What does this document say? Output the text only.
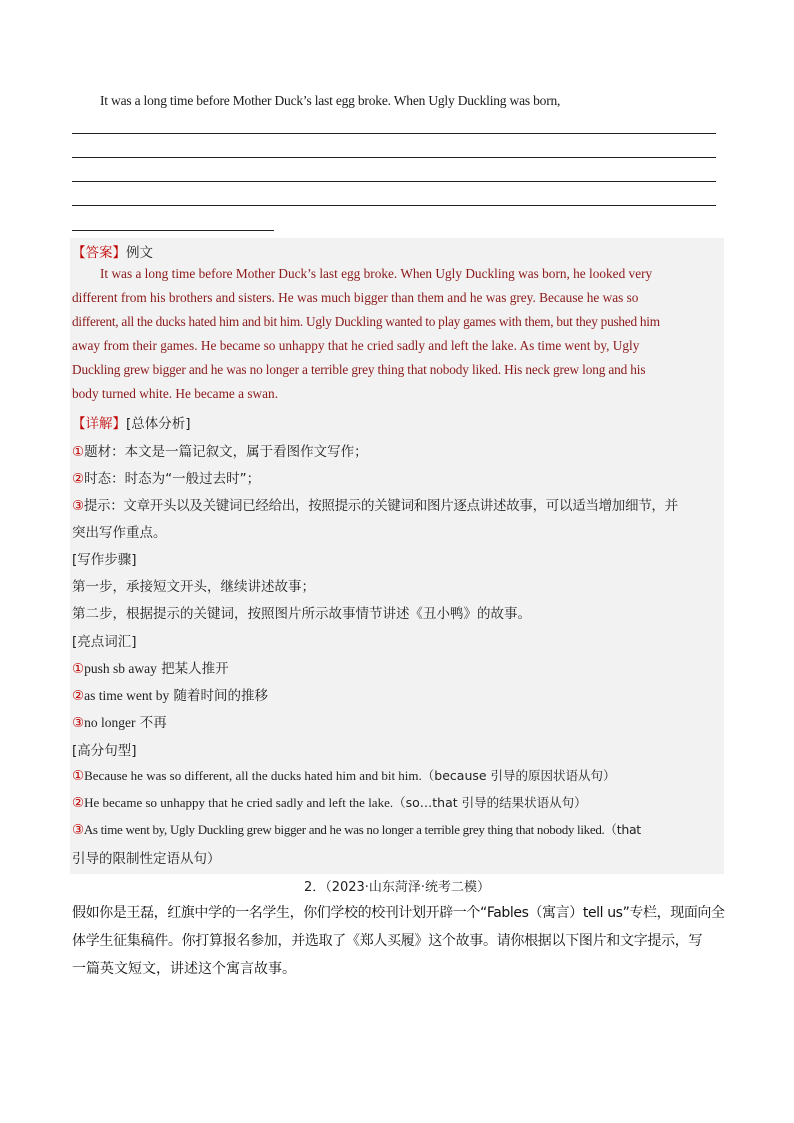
It was a long time before Mother Duck’s last egg broke. When Ugly Duckling was born,
【答案】例文
It was a long time before Mother Duck’s last egg broke. When Ugly Duckling was born, he looked very
different from his brothers and sisters. He was much bigger than them and he was grey. Because he was so
different, all the ducks hated him and bit him. Ugly Duckling wanted to play games with them, but they pushed him
away from their games. He became so unhappy that he cried sadly and left the lake. As time went by, Ugly
Duckling grew bigger and he was no longer a terrible grey thing that nobody liked. His neck grew long and his
body turned white. He became a swan.
【详解】[总体分析]
①题材：本文是一篇记叙文，属于看图作文写作；
②时态：时态为“一般过去时”；
③提示：文章开头以及关键词已经给出，按照提示的关键词和图片逐点讲述故事，可以适当增加细节，并
突出写作重点。
[写作步骤]
第一步，承接短文开头，继续讲述故事；
第二步，根据提示的关键词，按照图片所示故事情节讲述《丑小鸭》的故事。
[亮点词汇]
①push sb away 把某人推开
②as time went by 随着时间的推移
③no longer 不再
[高分句型]
①Because he was so different, all the ducks hated him and bit him.（because 引导的原因状语从句）
②He became so unhappy that he cried sadly and left the lake.（so…that 引导的结果状语从句）
③As time went by, Ugly Duckling grew bigger and he was no longer a terrible grey thing that nobody liked.（that
引导的限制性定语从句）
2．（2023·山东菏泽·统考二模）
假如你是王磊，红旗中学的一名学生，你们学校的校刊计划开辟一个“Fables（寓言）tell us”专栏，现面向全
体学生征集稿件。你打算报名参加，并选取了《郑人买履》这个故事。请你根据以下图片和文字提示，写
一篇英文短文，讲述这个寓言故事。
